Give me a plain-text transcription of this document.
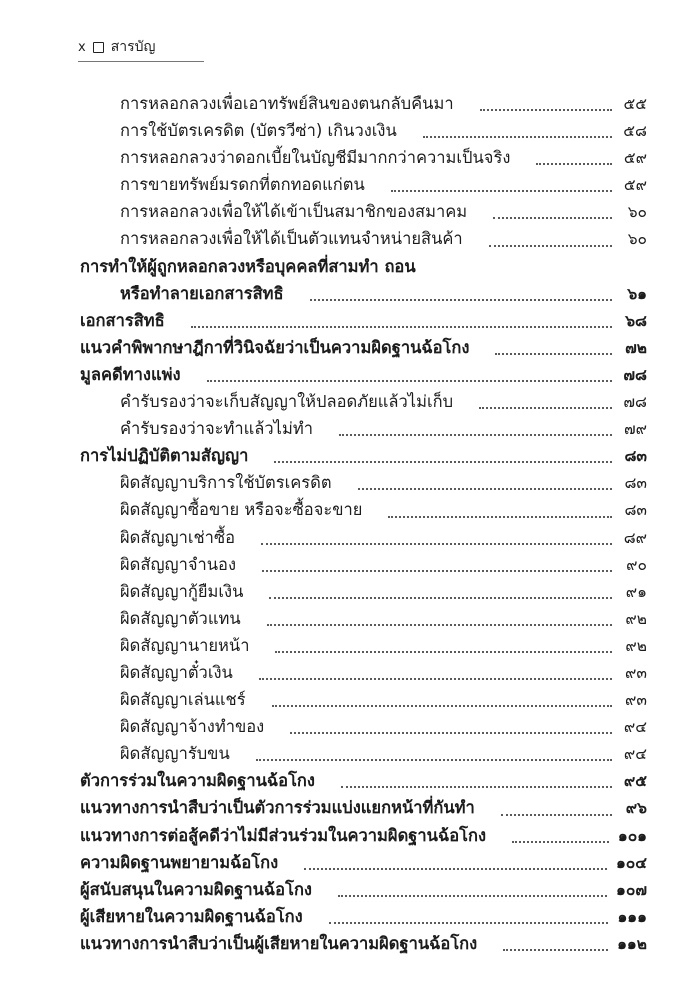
x สารบัญ
การหลอกลวงเพื่อเอาทรัพย์สินของตนกลับคืนมา	๕๕
การใช้บัตรเครดิต (บัตรวีซ่า) เกินวงเงิน	๕๘
การหลอกลวงว่าดอกเบี้ยในบัญชีมีมากกว่าความเป็นจริง	๕๙
การขายทรัพย์มรดกที่ตกทอดแก่ตน	๕๙
การหลอกลวงเพื่อให้ได้เข้าเป็นสมาชิกของสมาคม	๖๐
การหลอกลวงเพื่อให้ได้เป็นตัวแทนจำหน่ายสินค้า	๖๐
การทำให้ผู้ถูกหลอกลวงหรือบุคคลที่สามทำ ถอน
หรือทำลายเอกสารสิทธิ	๖๑
เอกสารสิทธิ	๖๘
แนวคำพิพากษาฎีกาที่วินิจฉัยว่าเป็นความผิดฐานฉ้อโกง	๗๒
มูลคดีทางแพ่ง	๗๘
คำรับรองว่าจะเก็บสัญญาให้ปลอดภัยแล้วไม่เก็บ	๗๘
คำรับรองว่าจะทำแล้วไม่ทำ	๗๙
การไม่ปฏิบัติตามสัญญา	๘๓
ผิดสัญญาบริการใช้บัตรเครดิต	๘๓
ผิดสัญญาซื้อขาย หรือจะซื้อจะขาย	๘๓
ผิดสัญญาเช่าซื้อ	๘๙
ผิดสัญญาจำนอง	๙๐
ผิดสัญญากู้ยืมเงิน	๙๑
ผิดสัญญาตัวแทน	๙๒
ผิดสัญญานายหน้า	๙๒
ผิดสัญญาตั๋วเงิน	๙๓
ผิดสัญญาเล่นแชร์	๙๓
ผิดสัญญาจ้างทำของ	๙๔
ผิดสัญญารับขน	๙๔
ตัวการร่วมในความผิดฐานฉ้อโกง	๙๕
แนวทางการนำสืบว่าเป็นตัวการร่วมแบ่งแยกหน้าที่กันทำ	๙๖
แนวทางการต่อสู้คดีว่าไม่มีส่วนร่วมในความผิดฐานฉ้อโกง	๑๐๑
ความผิดฐานพยายามฉ้อโกง	๑๐๔
ผู้สนับสนุนในความผิดฐานฉ้อโกง	๑๐๗
ผู้เสียหายในความผิดฐานฉ้อโกง	๑๑๑
แนวทางการนำสืบว่าเป็นผู้เสียหายในความผิดฐานฉ้อโกง	๑๑๒
